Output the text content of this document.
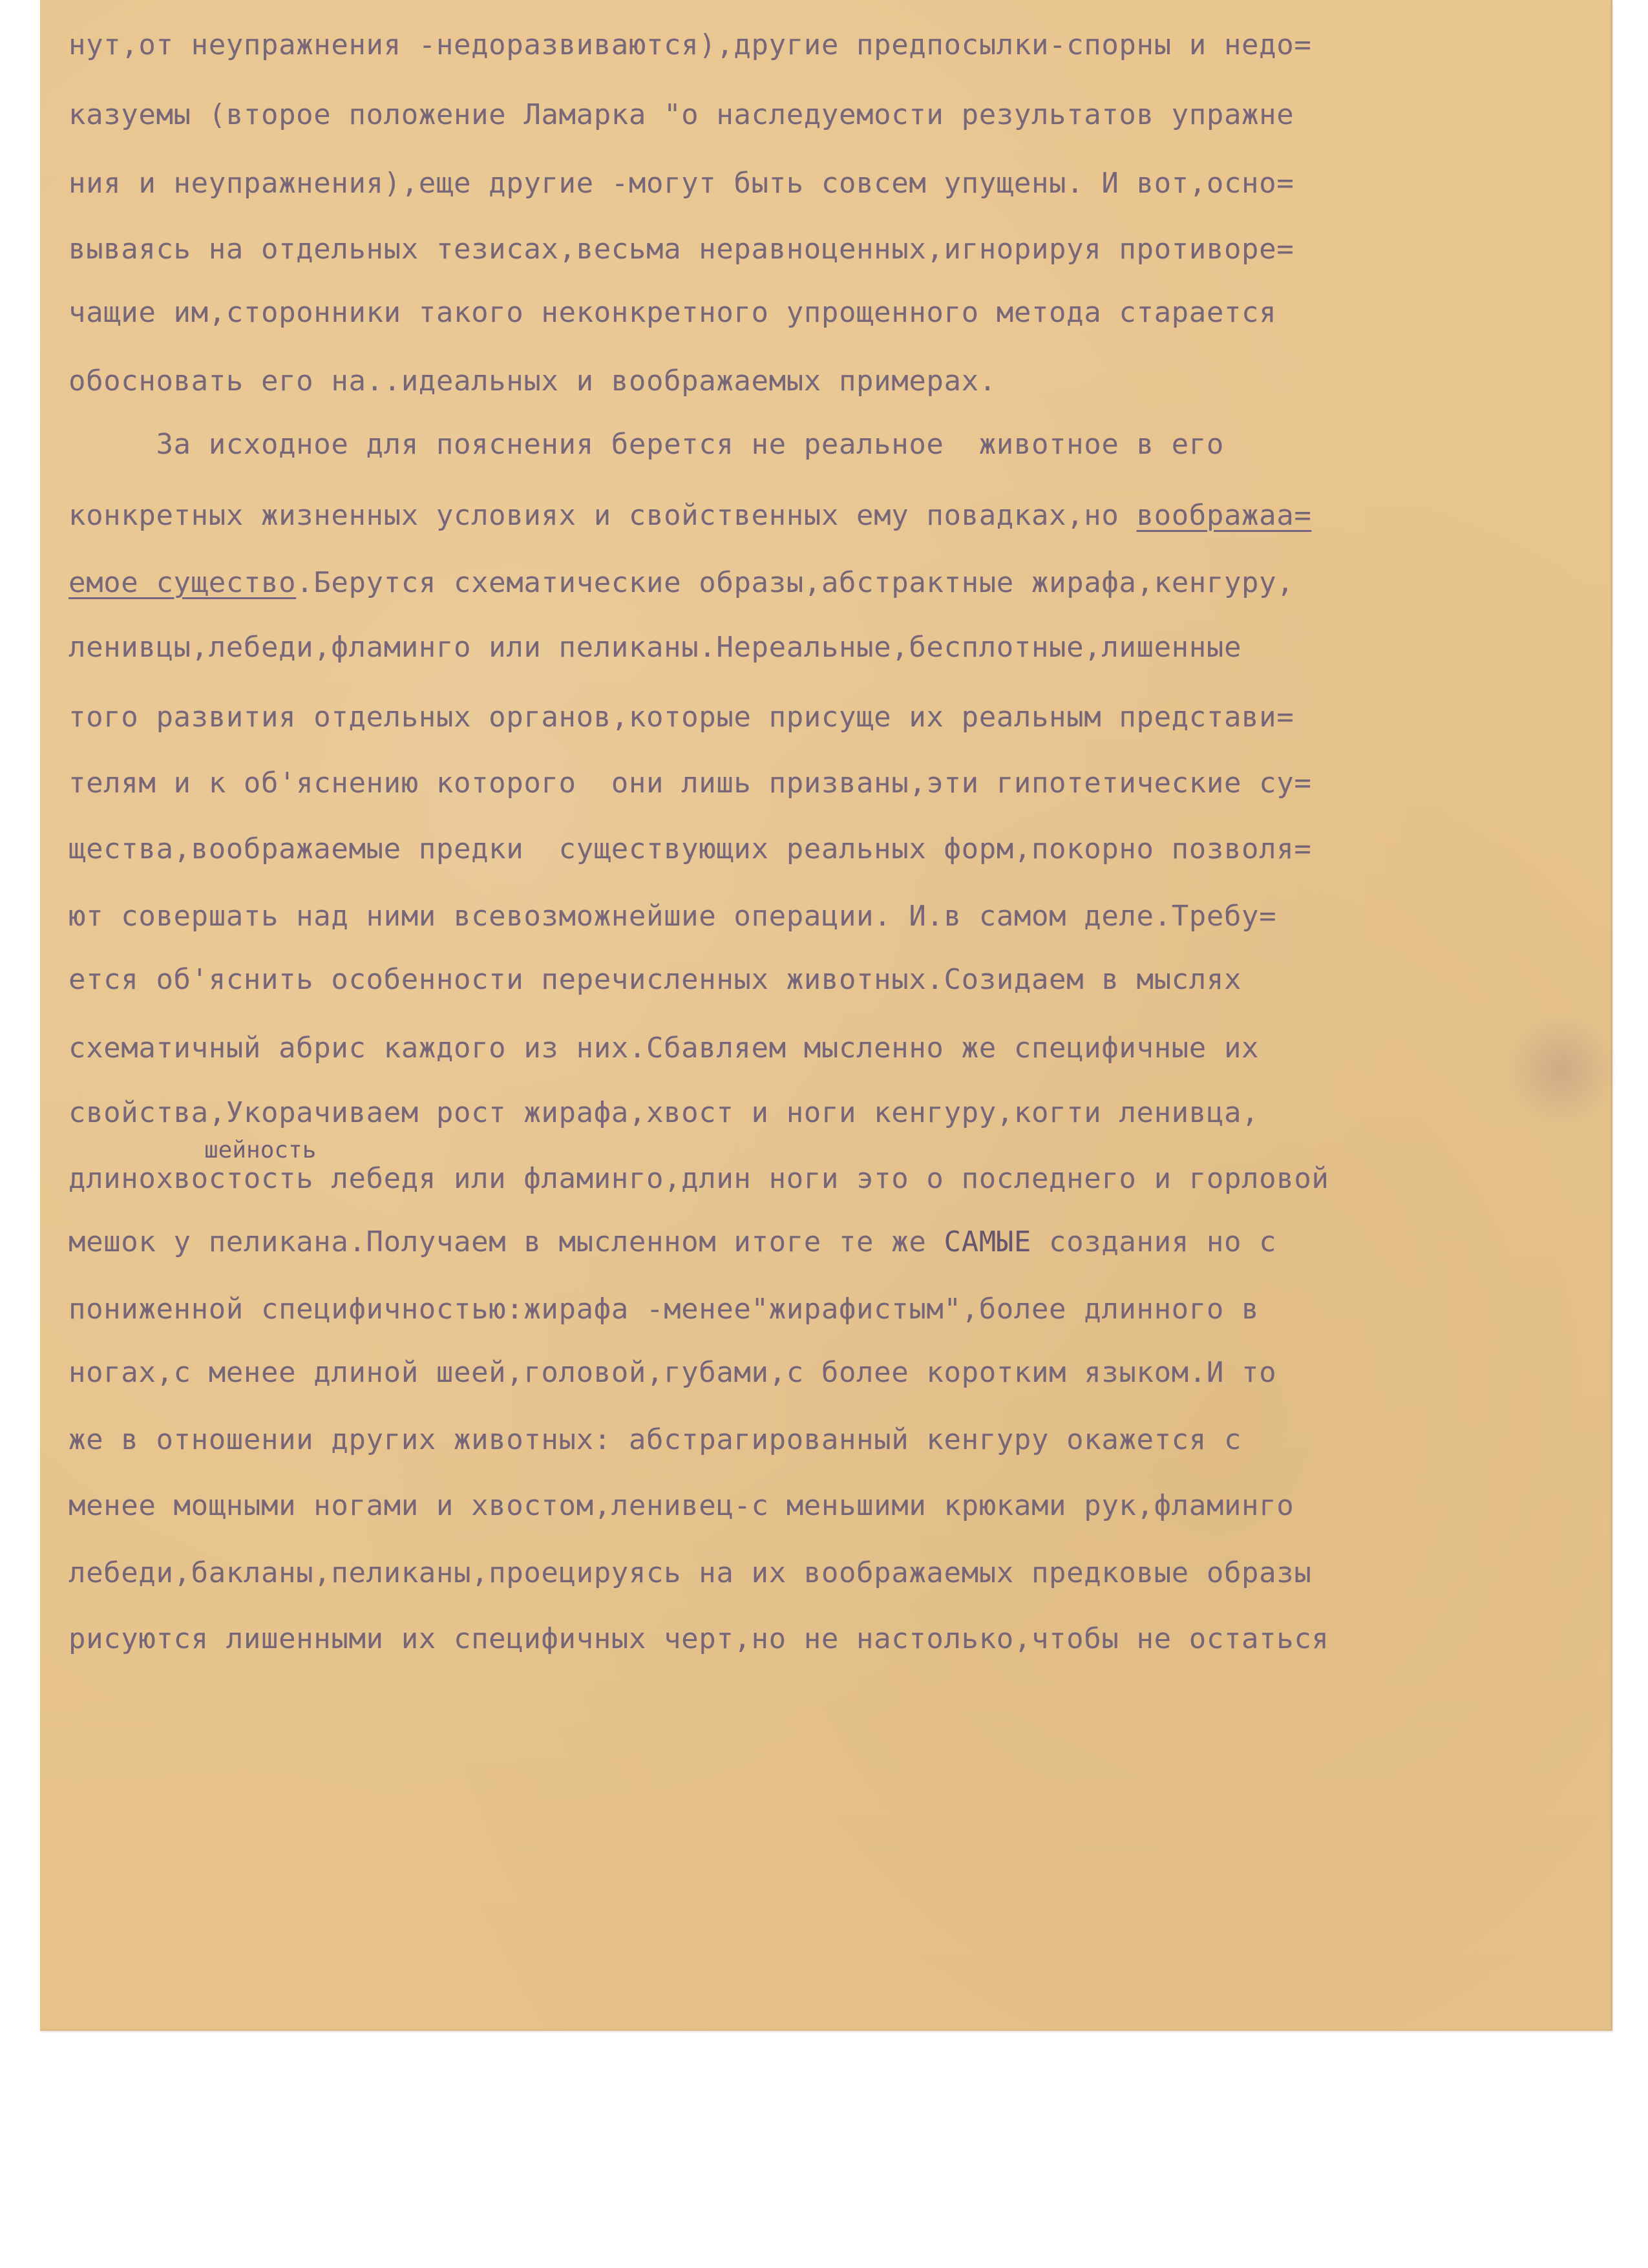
нут,от неупражнения -недоразвиваются),другие предпосылки-спорны и недо=

казуемы (второе положение Ламарка "о наследуемости результатов упражне

ния и неупражнения),еще другие -могут быть совсем упущены. И вот,осно=

вываясь на отдельных тезисах,весьма неравноценных,игнорируя противоре=

чащие им,сторонники такого неконкретного упрощенного метода старается

обосновать его на..идеальных и воображаемых примерах.

За исходное для пояснения берется не реальное  животное в его

конкретных жизненных условиях и свойственных ему повадках,но воображаа=

емое существо.Берутся схематические образы,абстрактные жирафа,кенгуру,

ленивцы,лебеди,фламинго или пеликаны.Нереальные,бесплотные,лишенные

того развития отдельных органов,которые присуще их реальным представи=

телям и к об'яснению которого  они лишь призваны,эти гипотетические су=

щества,воображаемые предки  существующих реальных форм,покорно позволя=

ют совершать над ними всевозможнейшие операции. И.в самом деле.Требу=

ется об'яснить особенности перечисленных животных.Созидаем в мыслях

схематичный абрис каждого из них.Сбавляем мысленно же специфичные их

свойства,Укорачиваем рост жирафа,хвост и ноги кенгуру,когти ленивца,

шейность

длинохвостость лебедя или фламинго,длин ноги это о последнего и горловой

мешок у пеликана.Получаем в мысленном итоге те же САМЫЕ создания но с

пониженной специфичностью:жирафа -менее"жирафистым",более длинного в

ногах,с менее длиной шеей,головой,губами,с более коротким языком.И то

же в отношении других животных: абстрагированный кенгуру окажется с

менее мощными ногами и хвостом,ленивец-с меньшими крюками рук,фламинго

лебеди,бакланы,пеликаны,проецируясь на их воображаемых предковые образы

рисуются лишенными их специфичных черт,но не настолько,чтобы не остаться
